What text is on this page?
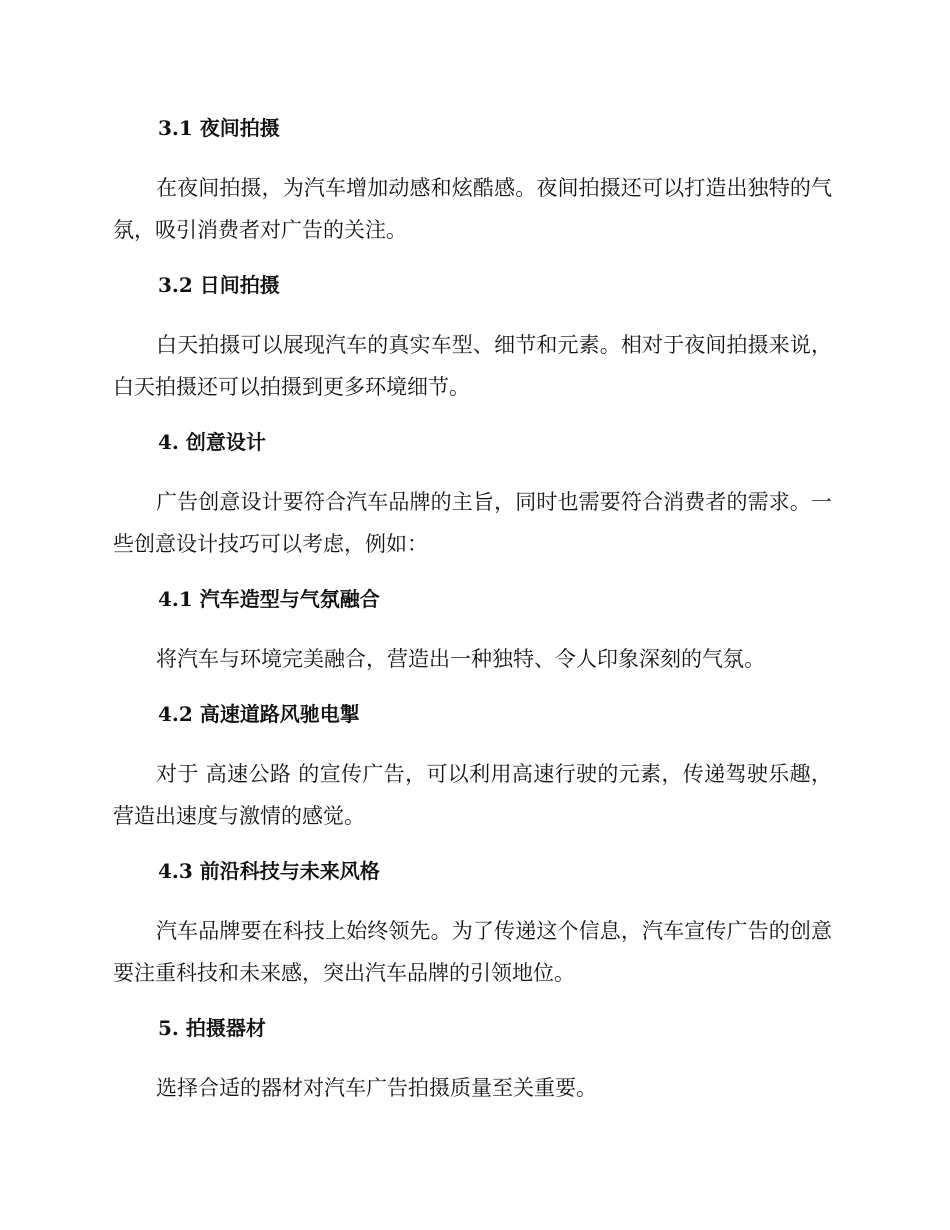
3.1 夜间拍摄

在夜间拍摄，为汽车增加动感和炫酷感。夜间拍摄还可以打造出独特的气氛，吸引消费者对广告的关注。

3.2 日间拍摄

白天拍摄可以展现汽车的真实车型、细节和元素。相对于夜间拍摄来说，白天拍摄还可以拍摄到更多环境细节。

4. 创意设计

广告创意设计要符合汽车品牌的主旨，同时也需要符合消费者的需求。一些创意设计技巧可以考虑，例如：

4.1 汽车造型与气氛融合

将汽车与环境完美融合，营造出一种独特、令人印象深刻的气氛。

4.2 高速道路风驰电掣

对于 高速公路 的宣传广告，可以利用高速行驶的元素，传递驾驶乐趣，营造出速度与激情的感觉。

4.3 前沿科技与未来风格

汽车品牌要在科技上始终领先。为了传递这个信息，汽车宣传广告的创意要注重科技和未来感，突出汽车品牌的引领地位。

5. 拍摄器材

选择合适的器材对汽车广告拍摄质量至关重要。
